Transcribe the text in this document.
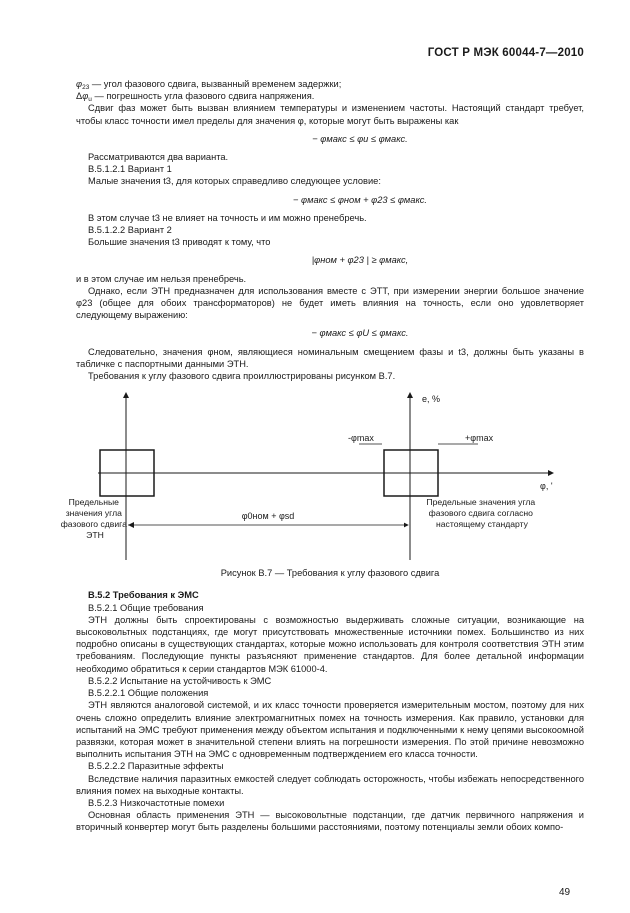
ГОСТ Р МЭК 60044-7—2010

$\varphi_{23}$ — угол фазового сдвига, вызванный временем задержки;

$\Delta\varphi_u$ — погрешность угла фазового сдвига напряжения.

Сдвиг фаз может быть вызван влиянием температуры и изменением частоты. Настоящий стандарт требует, чтобы класс точности имел пределы для значения φ, которые могут быть выражены как

− φмакс ≤ φu ≤ φмакс.

Рассматриваются два варианта.

В.5.1.2.1 Вариант 1

Малые значения t3, для которых справедливо следующее условие:

− φмакс ≤ φном + φ23 ≤ φмакс.

В этом случае t3 не влияет на точность и им можно пренебречь.

В.5.1.2.2 Вариант 2

Большие значения t3 приводят к тому, что

|φном + φ23 | ≥ φмакс,

и в этом случае им нельзя пренебречь.

Однако, если ЭТН предназначен для использования вместе с ЭТТ, при измерении энергии большое значение φ23 (общее для обоих трансформаторов) не будет иметь влияния на точность, если оно удовлетворяет следующему выражению:

− φмакс ≤ φU ≤ φмакс.

Следовательно, значения φном, являющиеся номинальным смещением фазы и t3, должны быть указаны в табличке с паспортными данными ЭТН.

Требования к углу фазового сдвига проиллюстрированы рисунком В.7.

e, %
φ, '
-φmax	+φmax
Предельные значения угла фазового сдвига ЭТН
Предельные значения угла фазового сдвига согласно настоящему стандарту
φ0ном + φsd

Рисунок В.7 — Требования к углу фазового сдвига

В.5.2 Требования к ЭМС

В.5.2.1 Общие требования

ЭТН должны быть спроектированы с возможностью выдерживать сложные ситуации, возникающие на высоковольтных подстанциях, где могут присутствовать множественные источники помех. Большинство из них подробно описаны в существующих стандартах, которые можно использовать для контроля соответствия ЭТН этим требованиям. Последующие пункты разъясняют применение стандартов. Для более детальной информации необходимо обратиться к серии стандартов МЭК 61000-4.

В.5.2.2 Испытание на устойчивость к ЭМС

В.5.2.2.1 Общие положения

ЭТН являются аналоговой системой, и их класс точности проверяется измерительным мостом, поэтому для них очень сложно определить влияние электромагнитных помех на точность измерения. Как правило, установки для испытаний на ЭМС требуют применения между объектом испытания и подключенными к нему цепями высокоомной развязки, которая может в значительной степени влиять на погрешности измерения. По этой причине невозможно выполнить испытания ЭТН на ЭМС с одновременным подтверждением его класса точности.

В.5.2.2.2 Паразитные эффекты

Вследствие наличия паразитных емкостей следует соблюдать осторожность, чтобы избежать непосредственного влияния помех на выходные контакты.

В.5.2.3 Низкочастотные помехи

Основная область применения ЭТН — высоковольтные подстанции, где датчик первичного напряжения и вторичный конвертер могут быть разделены большими расстояниями, поэтому потенциалы земли обоих компо-

49
